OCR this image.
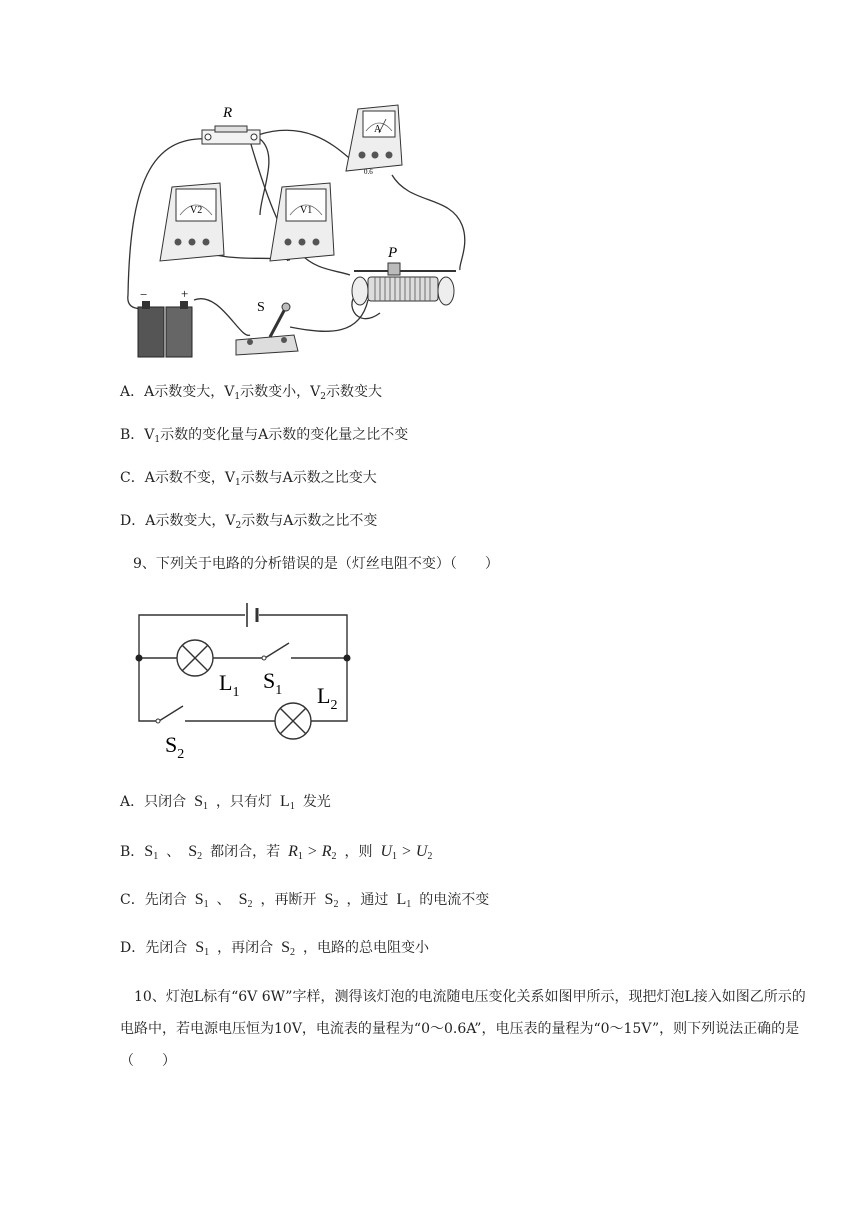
R
A
0.6
V2	V1
P
−	+
S
A．A示数变大，$V_1$示数变小，$V_2$示数变大
B．$V_1$示数的变化量与A示数的变化量之比不变
C．A示数不变，$V_1$示数与A示数之比变大
D．A示数变大，$V_2$示数与A示数之比不变
9、下列关于电路的分析错误的是（灯丝电阻不变）（　　）
$L_1$ $S_1$ $L_2$
$S_2$
A．只闭合 $S_1$ ，只有灯 $L_1$ 发光
B．$S_1$ 、 $S_2$ 都闭合，若 $R_1 > R_2$ ，则 $U_1 > U_2$
C．先闭合 $S_1$ 、 $S_2$ ，再断开 $S_2$ ，通过 $L_1$ 的电流不变
D．先闭合 $S_1$ ，再闭合 $S_2$ ，电路的总电阻变小
10、灯泡L标有“6V 6W”字样，测得该灯泡的电流随电压变化关系如图甲所示，现把灯泡L接入如图乙所示的电路中，若电源电压恒为10V，电流表的量程为“0～0.6A”，电压表的量程为“0～15V”，则下列说法正确的是（　　）
